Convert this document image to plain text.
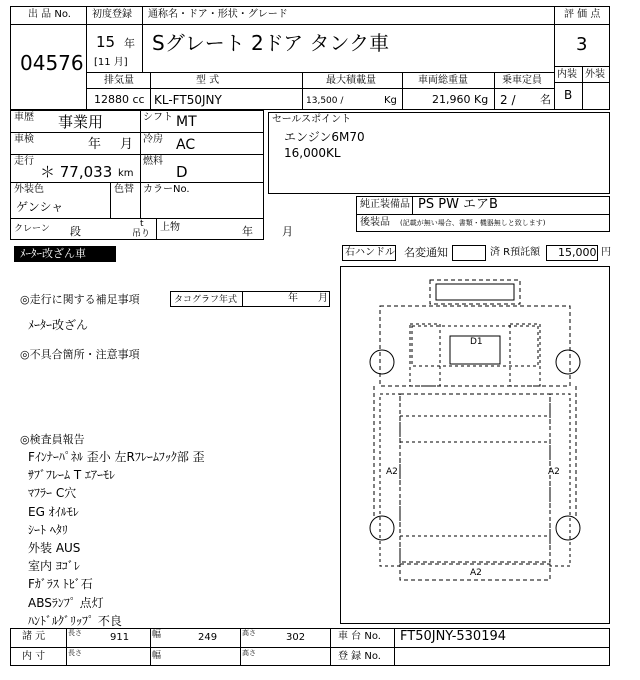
出 品 No.
04576
初度登録 通称名・ドア・形状・グレード
15 年
[11 月]
Sグレート 2ドア タンク車
評 価 点
3
内装 外装
B
排気量	型 式	最大積載量	車両総重量	乗車定員
12880 cc KL-FT50JNY	13,500 /	Kg	21,960 Kg 2 / 名
車歴 事業用	シフト MT
車検	年 月 冷房 AC
走行
＊ 77,033 km
燃料
D
外装色
ゲンシャ
色替 カラーNo.
クレーン 段
t
吊り
上物	年	月
セールスポイント
エンジン6M70
16,000KL
純正装備品 PS PW エアB
後装品 (記載が無い場合、書類・機器無しと致します)
ﾒｰﾀｰ改ざん車	右ハンドル 名変通知	済 R預託額 15,000 円
◎走行に関する補足事項	タコグラフ年式	年 月
ﾒｰﾀｰ改ざん
◎不具合箇所・注意事項
◎検査員報告
Fｲﾝﾅｰﾊﾟﾈﾙ 歪小 左Rﾌﾚｰﾑﾌｯｸ部 歪
ｻﾌﾞﾌﾚｰﾑ T ｴｱｰﾓﾚ
ﾏﾌﾗｰ C穴
EG ｵｲﾙﾓﾚ
ｼｰﾄ ﾍﾀﾘ
外装 AUS
室内 ﾖｺﾞﾚ
Fｶﾞﾗｽ ﾄﾋﾞ石
ABSﾗﾝﾌﾟ 点灯
ﾊﾝﾄﾞﾙｸﾞﾘｯﾌﾟ 不良
D1
A2	A2
A2
諸 元
内 寸
長さ	911	幅	249	高さ	302	車 台 No. FT50JNY-530194
長さ	幅	高さ	登 録 No.
